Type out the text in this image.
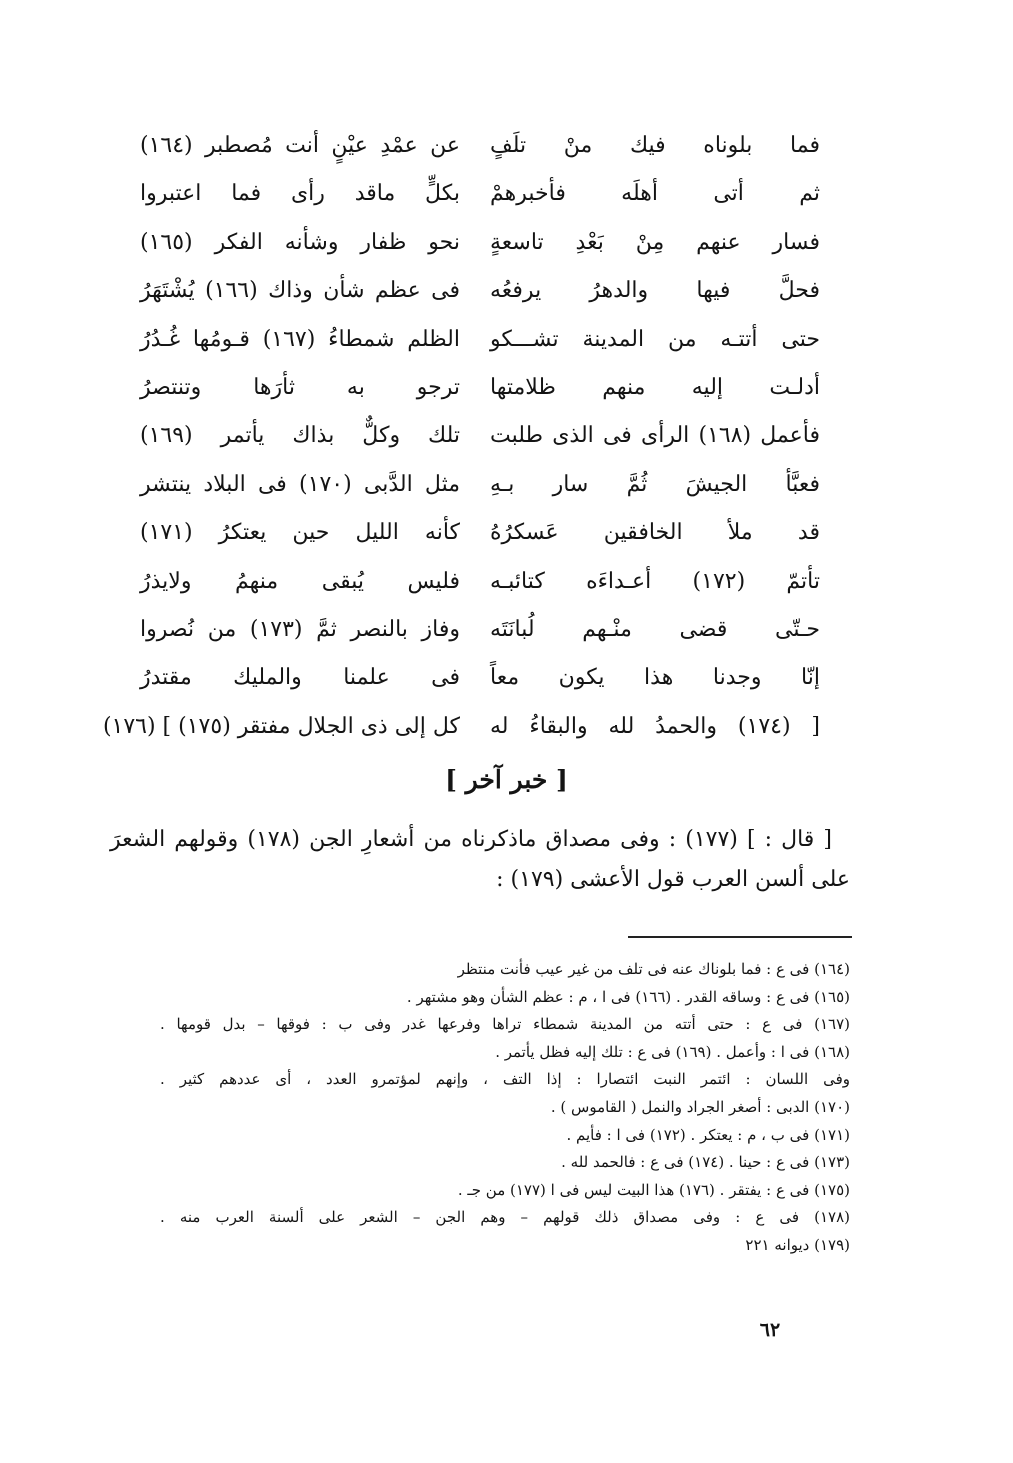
فما بلوناه فيك منْ تلَفٍ
عن عمْدِ عيْنٍ أنت مُصطبر (١٦٤)
ثم أتى أهلَه فأخبرهمْ
بكلٍّ ماقد رأى فما اعتبروا
فسار عنهم مِنْ بَعْدِ تاسعةٍ
نحو ظفار وشأنه الفكر (١٦٥)
فحلَّ فيها والدهرُ يرفعُه
فى عظم شأن وذاك (١٦٦) يُشْتَهَرُ
حتى أتتـه من المدينة تشـــكو
الظلم شمطاءُ (١٦٧) قـومُها غُـدُرُ
أدلـت إليه منهم ظلامتها
ترجو به ثأرَها وتنتصرُ
فأعمل (١٦٨) الرأى فى الذى طلبت
تلك وكلٌّ بذاك يأتمر (١٦٩)
فعبَّأ الجيشَ ثُمَّ سار بـهِ
مثل الدَّبى (١٧٠) فى البلاد ينتشر
قد ملأ الخافقين عَسكرُهُ
كأنه الليل حين يعتكرُ (١٧١)
تأتمّ (١٧٢) أعـداءَه كتائبـه
فليس يُبقى منهمُ ولايذرُ
حـتّى قضى منْـهم لُبانَتَه
وفاز بالنصر ثمَّ (١٧٣) من نُصروا
إنّا وجدنا هذا يكون معاً
فى علمنا والمليك مقتدرُ
[ (١٧٤) والحمدُ لله والبقاءُ له
كل إلى ذى الجلال مفتقر (١٧٥) ] (١٧٦)
[ خبر آخر ]
[ قال : ] (١٧٧) : وفى مصداق ماذكرناه من أشعارِ الجن (١٧٨) وقولهم الشعرَ على ألسن العرب قول الأعشى (١٧٩) :
(١٦٤) فى ع : فما بلوناك عنه فى تلف من غير عيب فأنت منتظر
(١٦٥) فى ع : وساقه القدر . (١٦٦) فى ا ، م : عظم الشأن وهو مشتهر .
(١٦٧) فى ع : حتى أتته من المدينة شمطاء تراها وفرعها غدر وفى ب : فوقها – بدل قومها .
(١٦٨) فى ا : وأعمل . (١٦٩) فى ع : تلك إليه فظل يأتمر .
وفى اللسان : ائتمر النبت ائتصارا : إذا التف ، وإنهم لمؤتمرو العدد ، أى عددهم كثير .
(١٧٠) الدبى : أصغر الجراد والنمل ( القاموس ) .
(١٧١) فى ب ، م : يعتكر . (١٧٢) فى ا : فأيم .
(١٧٣) فى ع : حينا . (١٧٤) فى ع : فالحمد لله .
(١٧٥) فى ع : يفتقر . (١٧٦) هذا البيت ليس فى ا (١٧٧) من جـ .
(١٧٨) فى ع : وفى مصداق ذلك قولهم – وهم الجن – الشعر على ألسنة العرب منه .
(١٧٩) ديوانه ٢٢١
٦٢
